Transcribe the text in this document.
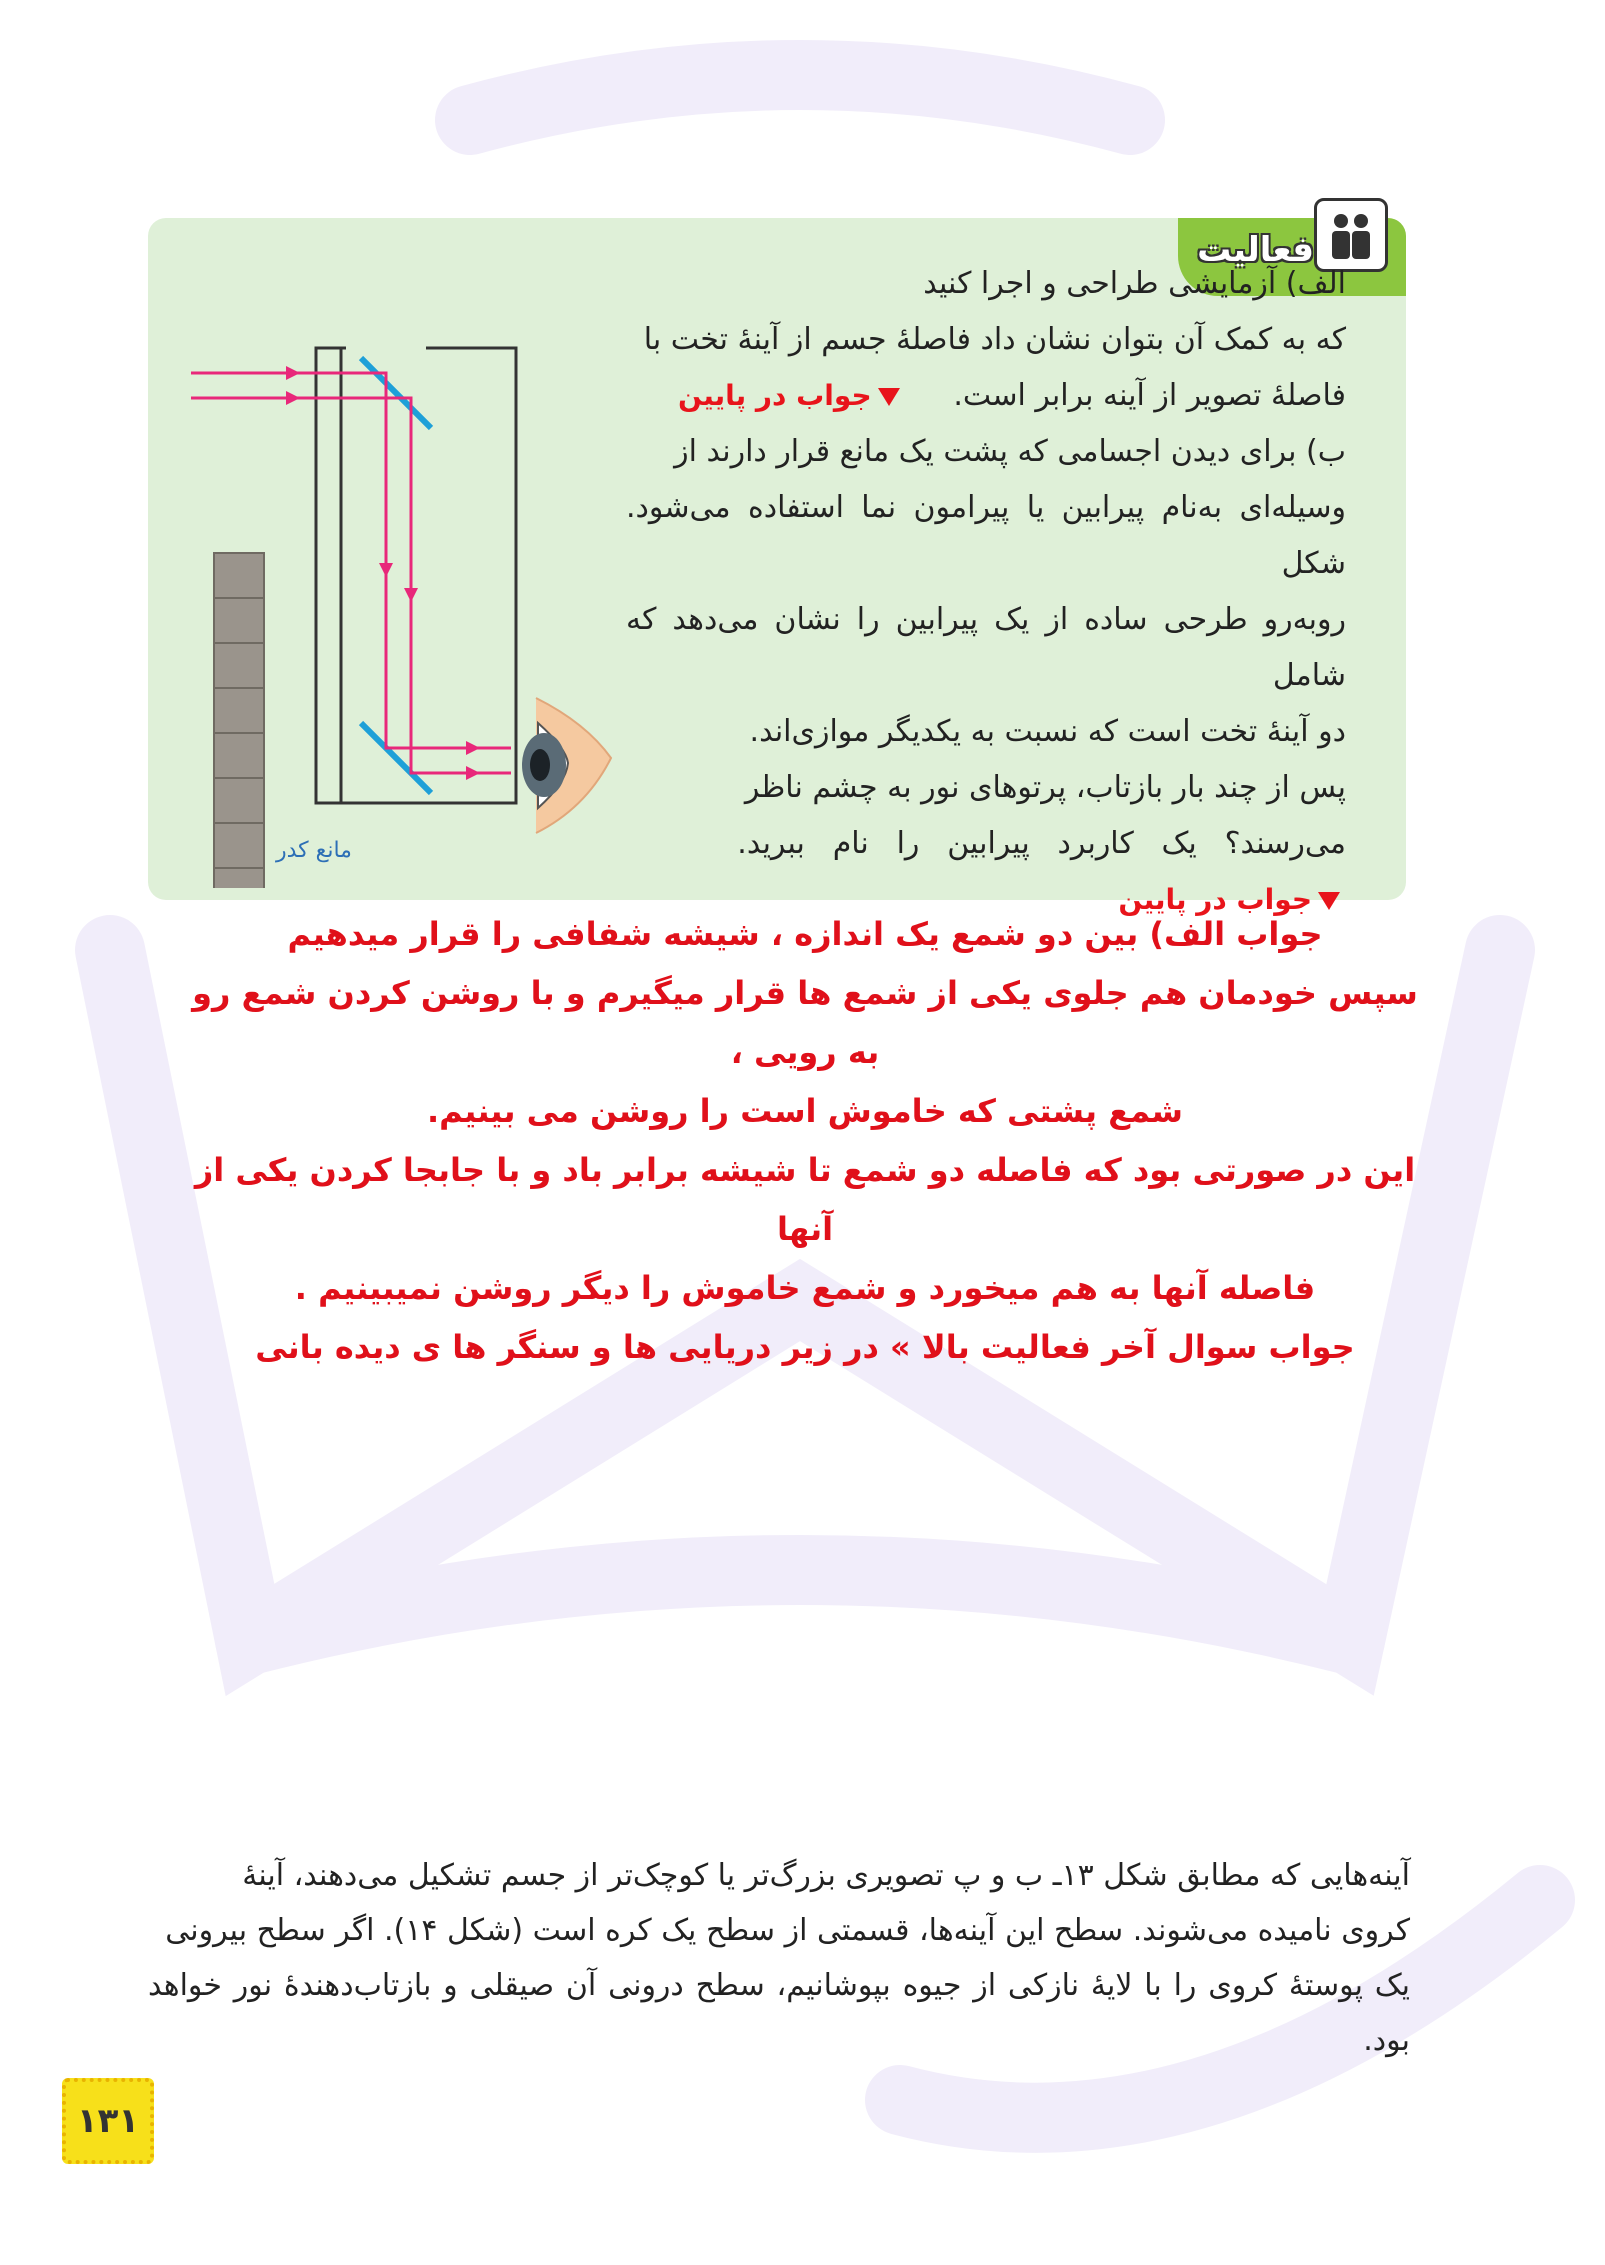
فعالیت

الف) آزمایشی طراحی و اجرا کنید

که به کمک آن بتوان نشان داد فاصلهٔ جسم از آینهٔ تخت با

فاصلهٔ تصویر از آینه برابر است.     جواب در پایین

ب) برای دیدن اجسامی که پشت یک مانع قرار دارند از

وسیله‌ای به‌نام پیرابین یا پیرامون نما استفاده می‌شود. شکل

روبه‌رو طرحی ساده از یک پیرابین را نشان می‌دهد که شامل

دو آینهٔ تخت است که نسبت به یکدیگر موازی‌اند.

پس از چند بار بازتاب، پرتوهای نور به چشم ناظر

می‌رسند؟ یک کاربرد پیرابین را نام ببرید.     جواب در پایین

مانع کدر
جواب الف) بین دو شمع یک اندازه ، شیشه شفافی را قرار میدهیم
سپس خودمان هم جلوی یکی از شمع ها قرار میگیرم و با روشن کردن شمع رو به رویی ،
شمع پشتی که خاموش است را روشن می بینیم.
این در صورتی بود که فاصله دو شمع تا شیشه برابر باد و با جابجا کردن یکی از آنها
فاصله آنها به هم میخورد و شمع خاموش را دیگر روشن نمیبینیم .
جواب سوال آخر فعالیت بالا » در زیر دریایی ها و سنگر ها ی دیده بانی
آینه‌هایی که مطابق شکل ۱۳ـ ب و پ تصویری بزرگ‌تر یا کوچک‌تر از جسم تشکیل می‌دهند، آینهٔ
کروی نامیده می‌شوند. سطح این آینه‌ها، قسمتی از سطح یک کره است (شکل ۱۴). اگر سطح بیرونی
یک پوستهٔ کروی را با لایهٔ نازکی از جیوه بپوشانیم، سطح درونی آن صیقلی و بازتاب‌دهندهٔ نور خواهد بود.
۱۳۱
